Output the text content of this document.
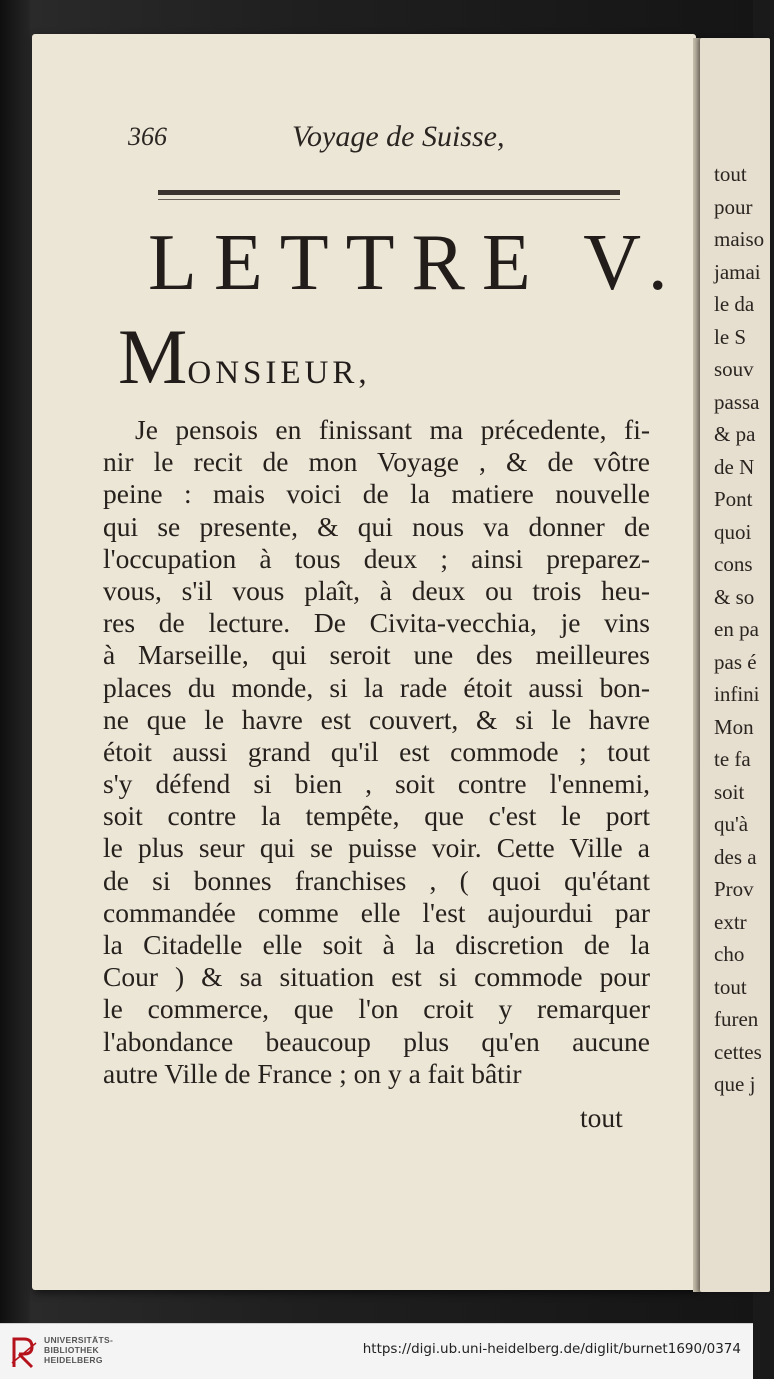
366	Voyage de Suisse,
LETTRE V.
MONSIEUR,
Je pensois en finissant ma précedente, fi-
nir le recit de mon Voyage , & de vôtre
peine : mais voici de la matiere nouvelle
qui se presente, & qui nous va donner de
l'occupation à tous deux ; ainsi preparez-
vous, s'il vous plaît, à deux ou trois heu-
res de lecture. De Civita-vecchia, je vins
à Marseille, qui seroit une des meilleures
places du monde, si la rade étoit aussi bon-
ne que le havre est couvert, & si le havre
étoit aussi grand qu'il est commode ; tout
s'y défend si bien , soit contre l'ennemi,
soit contre la tempête, que c'est le port
le plus seur qui se puisse voir. Cette Ville a
de si bonnes franchises , ( quoi qu'étant
commandée comme elle l'est aujourdui par
la Citadelle elle soit à la discretion de la
Cour ) & sa situation est si commode pour
le commerce, que l'on croit y remarquer
l'abondance beaucoup plus qu'en aucune
autre Ville de France ; on y a fait bâtir
tout
tout
pour
maiso
jamai
le da
le S
souv
passa
& pa
de N
Pont
quoi
cons
& so
en pa
pas é
infini
Mon
te fa
soit
qu'à
des a
Prov
extr
cho
tout
furen
cettes
que j
UNIVERSITÄTS-
BIBLIOTHEK
HEIDELBERG
https://digi.ub.uni-heidelberg.de/diglit/burnet1690/0374
